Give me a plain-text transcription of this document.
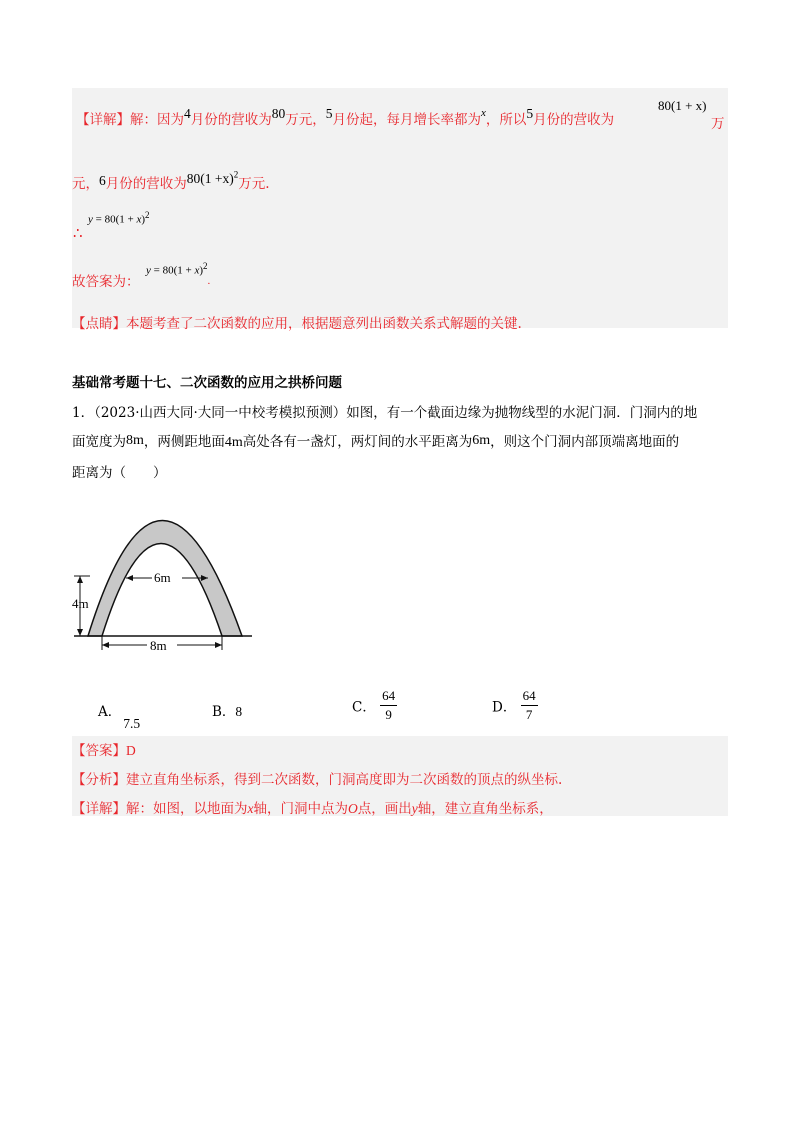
【详解】解：因为4月份的营收为80万元，5月份起，每月增长率都为$^x$，所以5月份的营收为
80(1 + x)
万
元，6月份的营收为$80(1 +x)^2$万元.
$y = 80(1 + x)^2$
∴
故答案为：
$y = 80(1 + x)^2$.
【点睛】本题考查了二次函数的应用，根据题意列出函数关系式解题的关键.
基础常考题十七、二次函数的应用之拱桥问题
1．（2023·山西大同·大同一中校考模拟预测）如图，有一个截面边缘为抛物线型的水泥门洞．门洞内的地
面宽度为8m，两侧距地面4m高处各有一盏灯，两灯间的水平距离为6m，则这个门洞内部顶端离地面的
距离为（　　）
4m
6m
8m
A．7.5
B．8	C． $\frac{64}{9}$	D． $\frac{64}{7}$
【答案】D
【分析】建立直角坐标系，得到二次函数，门洞高度即为二次函数的顶点的纵坐标.
【详解】解：如图，以地面为x轴，门洞中点为O点，画出y轴，建立直角坐标系，
